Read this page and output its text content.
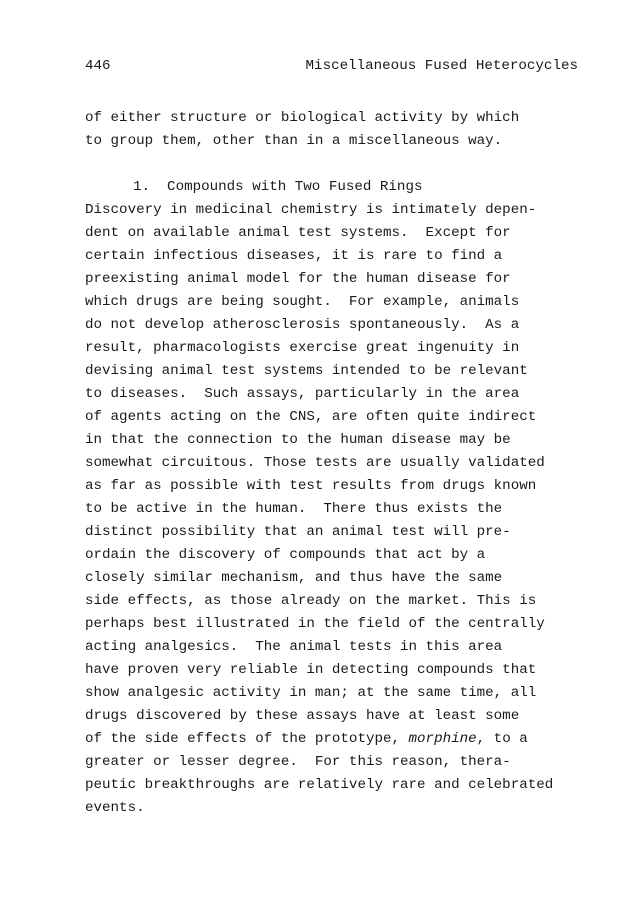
446	Miscellaneous Fused Heterocycles
of either structure or biological activity by which
to group them, other than in a miscellaneous way.
1.  Compounds with Two Fused Rings
Discovery in medicinal chemistry is intimately depen-
dent on available animal test systems.  Except for
certain infectious diseases, it is rare to find a
preexisting animal model for the human disease for
which drugs are being sought.  For example, animals
do not develop atherosclerosis spontaneously.  As a
result, pharmacologists exercise great ingenuity in
devising animal test systems intended to be relevant
to diseases.  Such assays, particularly in the area
of agents acting on the CNS, are often quite indirect
in that the connection to the human disease may be
somewhat circuitous. Those tests are usually validated
as far as possible with test results from drugs known
to be active in the human.  There thus exists the
distinct possibility that an animal test will pre-
ordain the discovery of compounds that act by a
closely similar mechanism, and thus have the same
side effects, as those already on the market. This is
perhaps best illustrated in the field of the centrally
acting analgesics.  The animal tests in this area
have proven very reliable in detecting compounds that
show analgesic activity in man; at the same time, all
drugs discovered by these assays have at least some
of the side effects of the prototype, morphine, to a
greater or lesser degree.  For this reason, thera-
peutic breakthroughs are relatively rare and celebrated
events.
